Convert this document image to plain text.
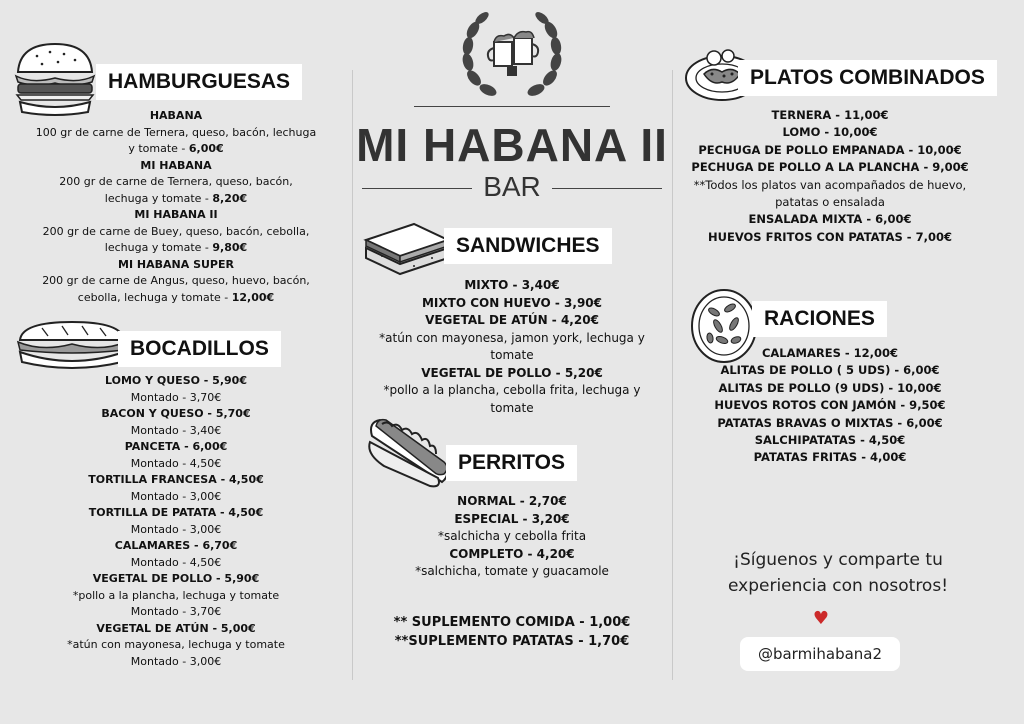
HAMBURGUESAS
HABANA
100 gr de carne de Ternera, queso, bacón, lechuga
y tomate - 6,00€
MI HABANA
200 gr de carne de Ternera, queso, bacón,
lechuga y tomate - 8,20€
MI HABANA II
200 gr de carne de Buey, queso, bacón, cebolla,
lechuga y tomate - 9,80€
MI HABANA SUPER
200 gr de carne de Angus, queso, huevo, bacón,
cebolla, lechuga y tomate - 12,00€
BOCADILLOS
LOMO Y QUESO - 5,90€
Montado - 3,70€
BACON Y QUESO - 5,70€
Montado - 3,40€
PANCETA - 6,00€
Montado - 4,50€
TORTILLA FRANCESA - 4,50€
Montado - 3,00€
TORTILLA DE PATATA - 4,50€
Montado - 3,00€
CALAMARES - 6,70€
Montado - 4,50€
VEGETAL DE POLLO - 5,90€
*pollo a la plancha, lechuga y tomate
Montado - 3,70€
VEGETAL DE ATÚN - 5,00€
*atún con mayonesa, lechuga y tomate
Montado - 3,00€
MI HABANA II
BAR
SANDWICHES
MIXTO - 3,40€
MIXTO CON HUEVO - 3,90€
VEGETAL DE ATÚN - 4,20€
*atún con mayonesa, jamon york, lechuga y
tomate
VEGETAL DE POLLO - 5,20€
*pollo a la plancha, cebolla frita, lechuga y
tomate
PERRITOS
NORMAL - 2,70€
ESPECIAL - 3,20€
*salchicha y cebolla frita
COMPLETO - 4,20€
*salchicha, tomate y guacamole
** SUPLEMENTO COMIDA - 1,00€
**SUPLEMENTO PATATAS - 1,70€
PLATOS COMBINADOS
TERNERA - 11,00€
LOMO - 10,00€
PECHUGA DE POLLO EMPANADA - 10,00€
PECHUGA DE POLLO A LA PLANCHA - 9,00€
**Todos los platos van acompañados de huevo,
patatas o ensalada
ENSALADA MIXTA - 6,00€
HUEVOS FRITOS CON PATATAS - 7,00€
RACIONES
CALAMARES - 12,00€
ALITAS DE POLLO ( 5 UDS) - 6,00€
ALITAS DE POLLO (9 UDS) - 10,00€
HUEVOS ROTOS CON JAMÓN - 9,50€
PATATAS BRAVAS O MIXTAS - 6,00€
SALCHIPATATAS - 4,50€
PATATAS FRITAS - 4,00€
¡Síguenos y comparte tu
experiencia con nosotros!
♥
@barmihabana2
